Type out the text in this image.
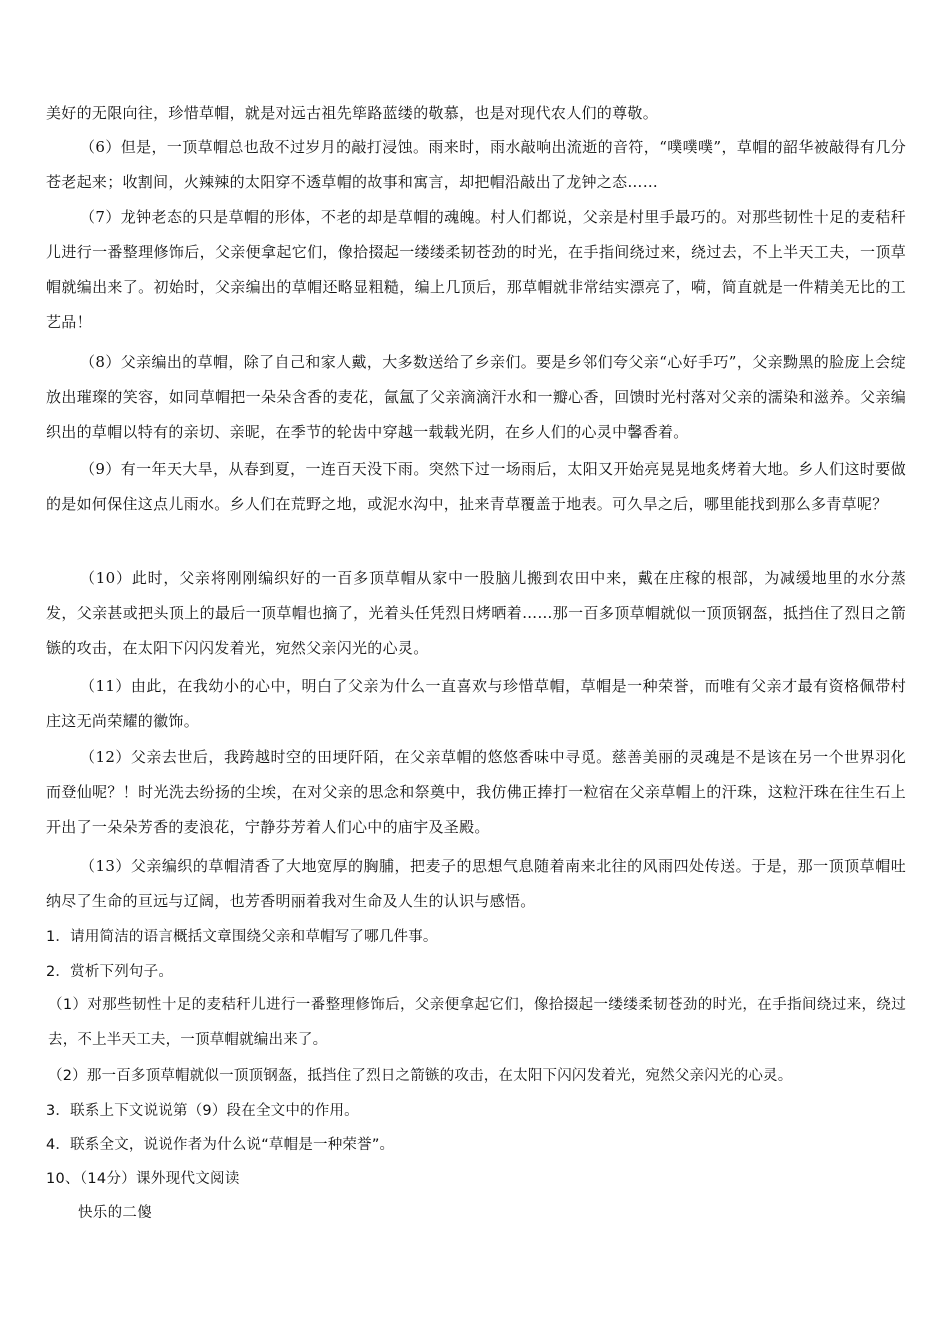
美好的无限向往，珍惜草帽，就是对远古祖先筚路蓝缕的敬慕，也是对现代农人们的尊敬。
（6）但是，一顶草帽总也敌不过岁月的敲打浸蚀。雨来时，雨水敲响出流逝的音符，“噗噗噗”，草帽的韶华被敲得有几分苍老起来；收割间，火辣辣的太阳穿不透草帽的故事和寓言，却把帽沿敲出了龙钟之态……
（7）龙钟老态的只是草帽的形体，不老的却是草帽的魂魄。村人们都说，父亲是村里手最巧的。对那些韧性十足的麦秸秆儿进行一番整理修饰后，父亲便拿起它们，像拾掇起一缕缕柔韧苍劲的时光，在手指间绕过来，绕过去，不上半天工夫，一顶草帽就编出来了。初始时，父亲编出的草帽还略显粗糙，编上几顶后，那草帽就非常结实漂亮了，嗬，简直就是一件精美无比的工艺品！
（8）父亲编出的草帽，除了自己和家人戴，大多数送给了乡亲们。要是乡邻们夸父亲“心好手巧”，父亲黝黑的脸庞上会绽放出璀璨的笑容，如同草帽把一朵朵含香的麦花，氤氲了父亲滴滴汗水和一瓣心香，回馈时光村落对父亲的濡染和滋养。父亲编织出的草帽以特有的亲切、亲昵，在季节的轮齿中穿越一载载光阴，在乡人们的心灵中馨香着。
（9）有一年天大旱，从春到夏，一连百天没下雨。突然下过一场雨后，太阳又开始亮晃晃地炙烤着大地。乡人们这时要做的是如何保住这点儿雨水。乡人们在荒野之地，或泥水沟中，扯来青草覆盖于地表。可久旱之后，哪里能找到那么多青草呢？
（10）此时，父亲将刚刚编织好的一百多顶草帽从家中一股脑儿搬到农田中来，戴在庄稼的根部，为减缓地里的水分蒸发，父亲甚或把头顶上的最后一顶草帽也摘了，光着头任凭烈日烤晒着……那一百多顶草帽就似一顶顶钢盔，抵挡住了烈日之箭镞的攻击，在太阳下闪闪发着光，宛然父亲闪光的心灵。
（11）由此，在我幼小的心中，明白了父亲为什么一直喜欢与珍惜草帽，草帽是一种荣誉，而唯有父亲才最有资格佩带村庄这无尚荣耀的徽饰。
（12）父亲去世后，我跨越时空的田埂阡陌，在父亲草帽的悠悠香味中寻觅。慈善美丽的灵魂是不是该在另一个世界羽化而登仙呢？！时光洗去纷扬的尘埃，在对父亲的思念和祭奠中，我仿佛正捧打一粒宿在父亲草帽上的汗珠，这粒汗珠在往生石上开出了一朵朵芳香的麦浪花，宁静芬芳着人们心中的庙宇及圣殿。
（13）父亲编织的草帽清香了大地宽厚的胸脯，把麦子的思想气息随着南来北往的风雨四处传送。于是，那一顶顶草帽吐纳尽了生命的亘远与辽阔，也芳香明丽着我对生命及人生的认识与感悟。
1．请用简洁的语言概括文章围绕父亲和草帽写了哪几件事。
2．赏析下列句子。
（1）对那些韧性十足的麦秸秆儿进行一番整理修饰后，父亲便拿起它们，像拾掇起一缕缕柔韧苍劲的时光，在手指间绕过来，绕过去，不上半天工夫，一顶草帽就编出来了。
（2）那一百多顶草帽就似一顶顶钢盔，抵挡住了烈日之箭镞的攻击，在太阳下闪闪发着光，宛然父亲闪光的心灵。
3．联系上下文说说第（9）段在全文中的作用。
4．联系全文，说说作者为什么说“草帽是一种荣誉”。
10、（14分）课外现代文阅读
快乐的二傻
